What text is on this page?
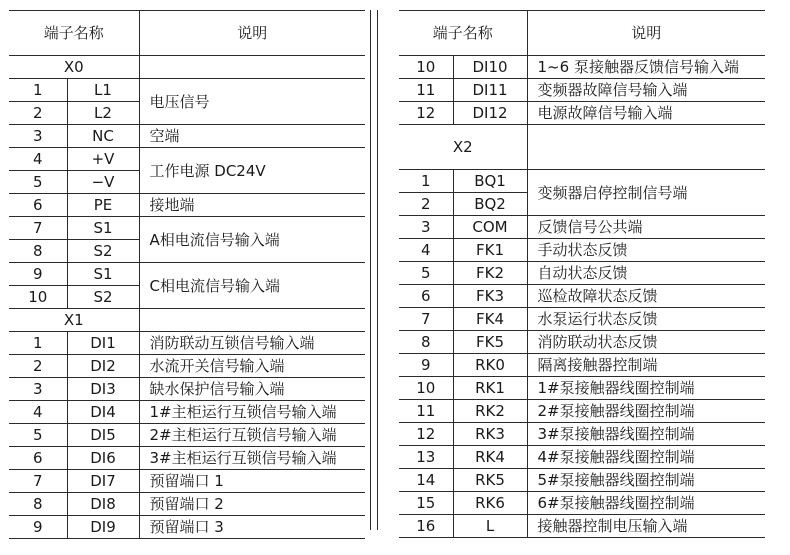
端子名称		说明
X0		
1	L1	电压信号
2	L2	
3	NC	空端
4	+V	工作电源 DC24V
5	−V	
6	PE	接地端
7	S1	A相电流信号输入端
8	S2	
9	S1	C相电流信号输入端
10	S2	
X1		
1	DI1	消防联动互锁信号输入端
2	DI2	水流开关信号输入端
3	DI3	缺水保护信号输入端
4	DI4	1#主柜运行互锁信号输入端
5	DI5	2#主柜运行互锁信号输入端
6	DI6	3#主柜运行互锁信号输入端
7	DI7	预留端口 1
8	DI8	预留端口 2
9	DI9	预留端口 3
端子名称		说明
10	DI10	1~6 泵接触器反馈信号输入端
11	DI11	变频器故障信号输入端
12	DI12	电源故障信号输入端
X2		
1	BQ1	变频器启停控制信号端
2	BQ2	
3	COM	反馈信号公共端
4	FK1	手动状态反馈
5	FK2	自动状态反馈
6	FK3	巡检故障状态反馈
7	FK4	水泵运行状态反馈
8	FK5	消防联动状态反馈
9	RK0	隔离接触器控制端
10	RK1	1#泵接触器线圈控制端
11	RK2	2#泵接触器线圈控制端
12	RK3	3#泵接触器线圈控制端
13	RK4	4#泵接触器线圈控制端
14	RK5	5#泵接触器线圈控制端
15	RK6	6#泵接触器线圈控制端
16	L	接触器控制电压输入端
